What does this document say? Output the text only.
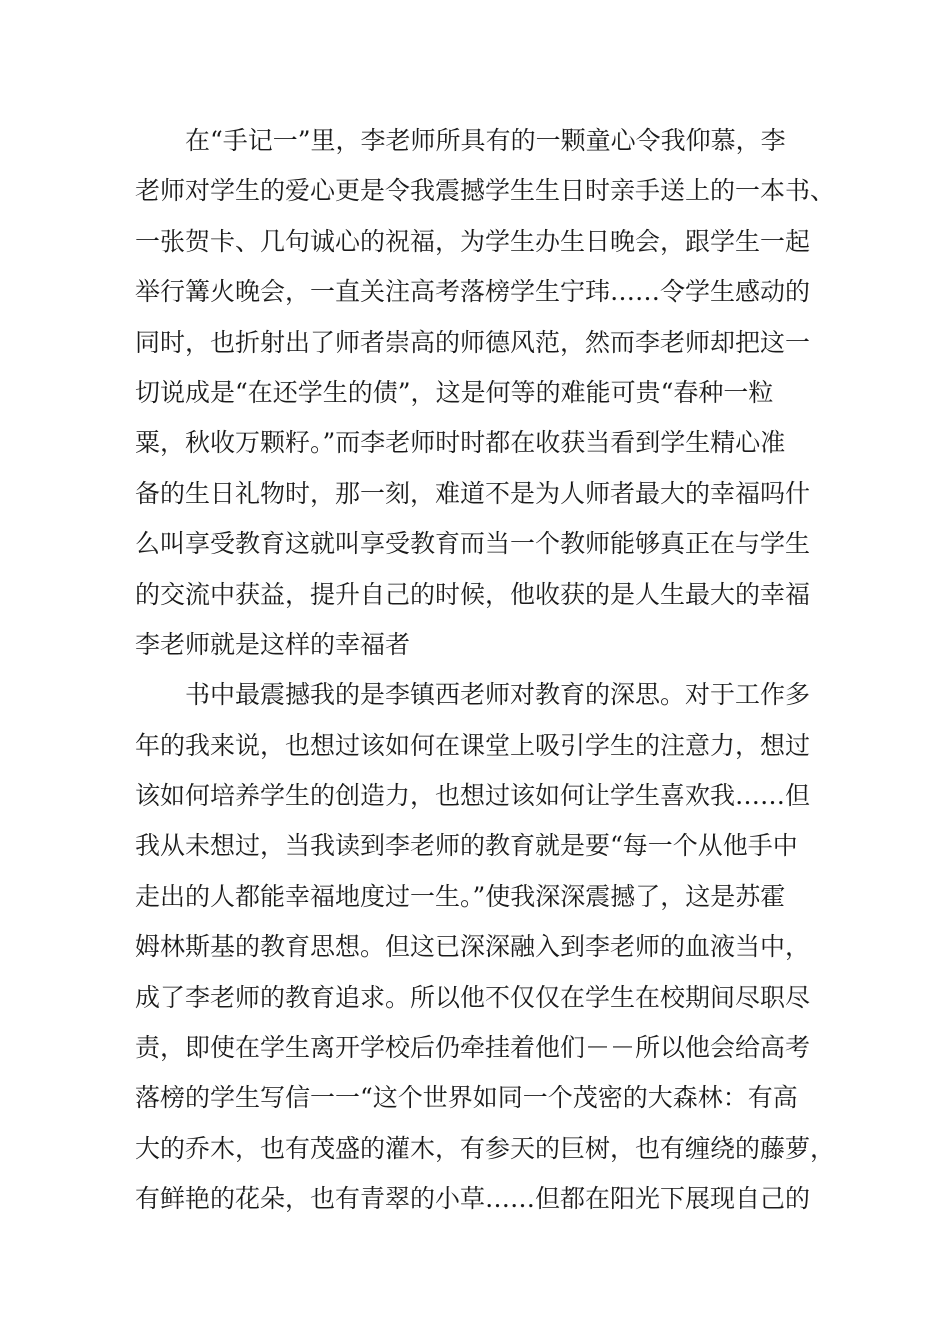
在“手记一”里，李老师所具有的一颗童心令我仰慕，李
老师对学生的爱心更是令我震撼学生生日时亲手送上的一本书、
一张贺卡、几句诚心的祝福，为学生办生日晚会，跟学生一起
举行篝火晚会，一直关注高考落榜学生宁玮……令学生感动的
同时，也折射出了师者崇高的师德风范，然而李老师却把这一
切说成是“在还学生的债”，这是何等的难能可贵“春种一粒
粟，秋收万颗籽。”而李老师时时都在收获当看到学生精心准
备的生日礼物时，那一刻，难道不是为人师者最大的幸福吗什
么叫享受教育这就叫享受教育而当一个教师能够真正在与学生
的交流中获益，提升自己的时候，他收获的是人生最大的幸福
李老师就是这样的幸福者
书中最震撼我的是李镇西老师对教育的深思。对于工作多
年的我来说，也想过该如何在课堂上吸引学生的注意力，想过
该如何培养学生的创造力，也想过该如何让学生喜欢我……但
我从未想过，当我读到李老师的教育就是要“每一个从他手中
走出的人都能幸福地度过一生。”使我深深震撼了，这是苏霍
姆林斯基的教育思想。但这已深深融入到李老师的血液当中，
成了李老师的教育追求。所以他不仅仅在学生在校期间尽职尽
责，即使在学生离开学校后仍牵挂着他们－－所以他会给高考
落榜的学生写信一一“这个世界如同一个茂密的大森林：有高
大的乔木，也有茂盛的灌木，有参天的巨树，也有缠绕的藤萝，
有鲜艳的花朵，也有青翠的小草……但都在阳光下展现自己的
